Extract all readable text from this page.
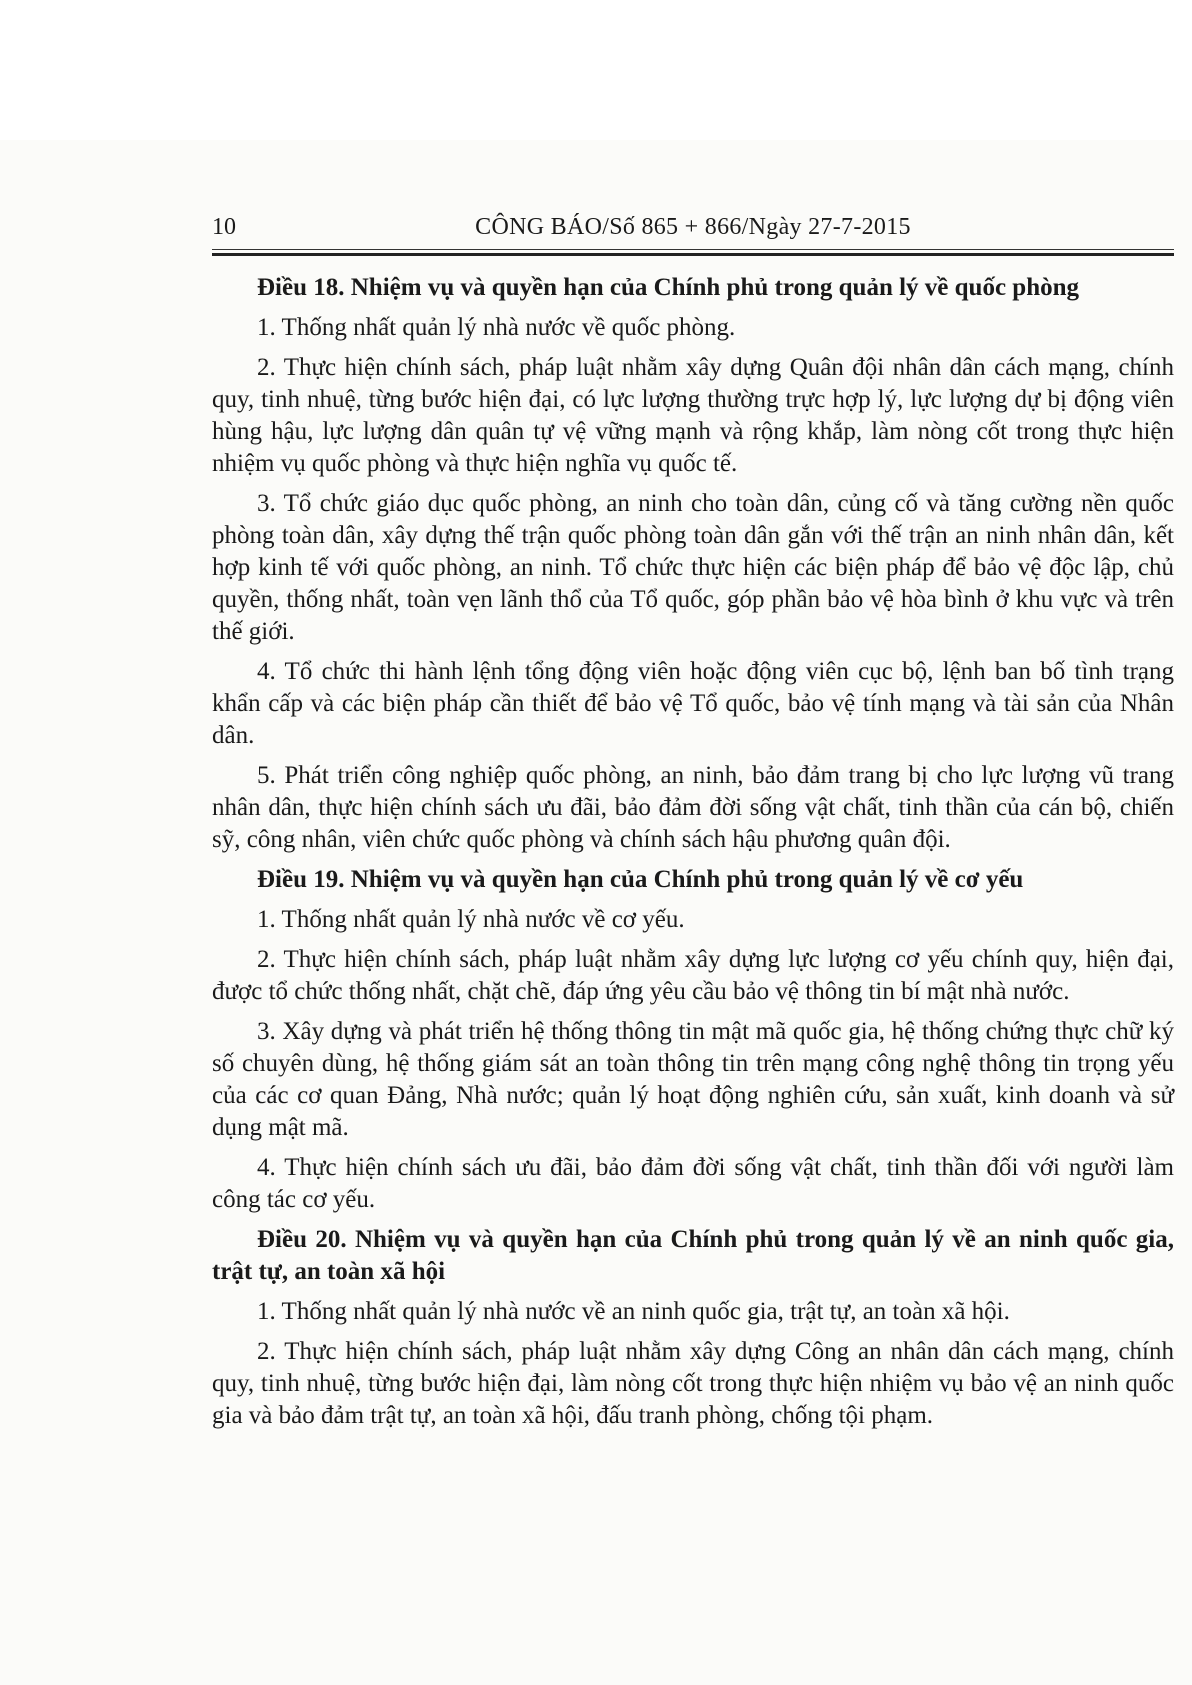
10	CÔNG BÁO/Số 865 + 866/Ngày 27-7-2015

Điều 18. Nhiệm vụ và quyền hạn của Chính phủ trong quản lý về quốc phòng

1. Thống nhất quản lý nhà nước về quốc phòng.

2. Thực hiện chính sách, pháp luật nhằm xây dựng Quân đội nhân dân cách mạng, chính quy, tinh nhuệ, từng bước hiện đại, có lực lượng thường trực hợp lý, lực lượng dự bị động viên hùng hậu, lực lượng dân quân tự vệ vững mạnh và rộng khắp, làm nòng cốt trong thực hiện nhiệm vụ quốc phòng và thực hiện nghĩa vụ quốc tế.

3. Tổ chức giáo dục quốc phòng, an ninh cho toàn dân, củng cố và tăng cường nền quốc phòng toàn dân, xây dựng thế trận quốc phòng toàn dân gắn với thế trận an ninh nhân dân, kết hợp kinh tế với quốc phòng, an ninh. Tổ chức thực hiện các biện pháp để bảo vệ độc lập, chủ quyền, thống nhất, toàn vẹn lãnh thổ của Tổ quốc, góp phần bảo vệ hòa bình ở khu vực và trên thế giới.

4. Tổ chức thi hành lệnh tổng động viên hoặc động viên cục bộ, lệnh ban bố tình trạng khẩn cấp và các biện pháp cần thiết để bảo vệ Tổ quốc, bảo vệ tính mạng và tài sản của Nhân dân.

5. Phát triển công nghiệp quốc phòng, an ninh, bảo đảm trang bị cho lực lượng vũ trang nhân dân, thực hiện chính sách ưu đãi, bảo đảm đời sống vật chất, tinh thần của cán bộ, chiến sỹ, công nhân, viên chức quốc phòng và chính sách hậu phương quân đội.

Điều 19. Nhiệm vụ và quyền hạn của Chính phủ trong quản lý về cơ yếu

1. Thống nhất quản lý nhà nước về cơ yếu.

2. Thực hiện chính sách, pháp luật nhằm xây dựng lực lượng cơ yếu chính quy, hiện đại, được tổ chức thống nhất, chặt chẽ, đáp ứng yêu cầu bảo vệ thông tin bí mật nhà nước.

3. Xây dựng và phát triển hệ thống thông tin mật mã quốc gia, hệ thống chứng thực chữ ký số chuyên dùng, hệ thống giám sát an toàn thông tin trên mạng công nghệ thông tin trọng yếu của các cơ quan Đảng, Nhà nước; quản lý hoạt động nghiên cứu, sản xuất, kinh doanh và sử dụng mật mã.

4. Thực hiện chính sách ưu đãi, bảo đảm đời sống vật chất, tinh thần đối với người làm công tác cơ yếu.

Điều 20. Nhiệm vụ và quyền hạn của Chính phủ trong quản lý về an ninh quốc gia, trật tự, an toàn xã hội

1. Thống nhất quản lý nhà nước về an ninh quốc gia, trật tự, an toàn xã hội.

2. Thực hiện chính sách, pháp luật nhằm xây dựng Công an nhân dân cách mạng, chính quy, tinh nhuệ, từng bước hiện đại, làm nòng cốt trong thực hiện nhiệm vụ bảo vệ an ninh quốc gia và bảo đảm trật tự, an toàn xã hội, đấu tranh phòng, chống tội phạm.
